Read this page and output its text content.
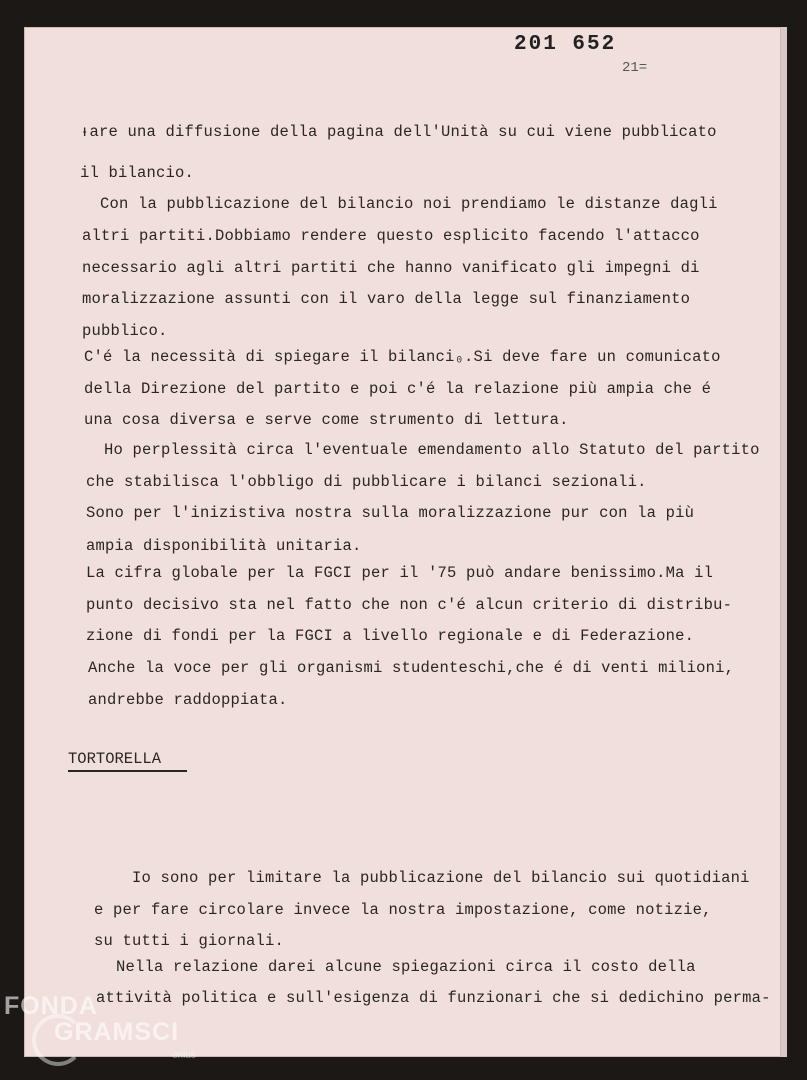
201 652

21=

ᵻare una diffusione della pagina dell'Unità su cui viene pubblicato

il bilancio.

Con la pubblicazione del bilancio noi prendiamo le distanze dagli

altri partiti.Dobbiamo rendere questo esplicito facendo l'attacco

necessario agli altri partiti che hanno vanificato gli impegni di

moralizzazione assunti con il varo della legge sul finanziamento

pubblico.

C'é la necessità di spiegare il bilanci₀.Si deve fare un comunicato

della Direzione del partito e poi c'é la relazione più ampia che é

una cosa diversa e serve come strumento di lettura.

Ho perplessità circa l'eventuale emendamento allo Statuto del partito

che stabilisca l'obbligo di pubblicare i bilanci sezionali.

Sono per l'inizistiva nostra sulla moralizzazione pur con la più

ampia disponibilità unitaria.

La cifra globale per la FGCI per il '75 può andare benissimo.Ma il

punto decisivo sta nel fatto che non c'é alcun criterio di distribu-

zione di fondi per la FGCI a livello regionale e di Federazione.

Anche la voce per gli organismi studenteschi,che é di venti milioni,

andrebbe raddoppiata.

TORTORELLA

Io sono per limitare la pubblicazione del bilancio sui quotidiani

e per fare circolare invece la nostra impostazione, come notizie,

su tutti i giornali.

Nella relazione darei alcune spiegazioni circa il costo della

attività politica e sull'esigenza di funzionari che si dedichino perma-

FONDA

GRAMSCI

onlus
